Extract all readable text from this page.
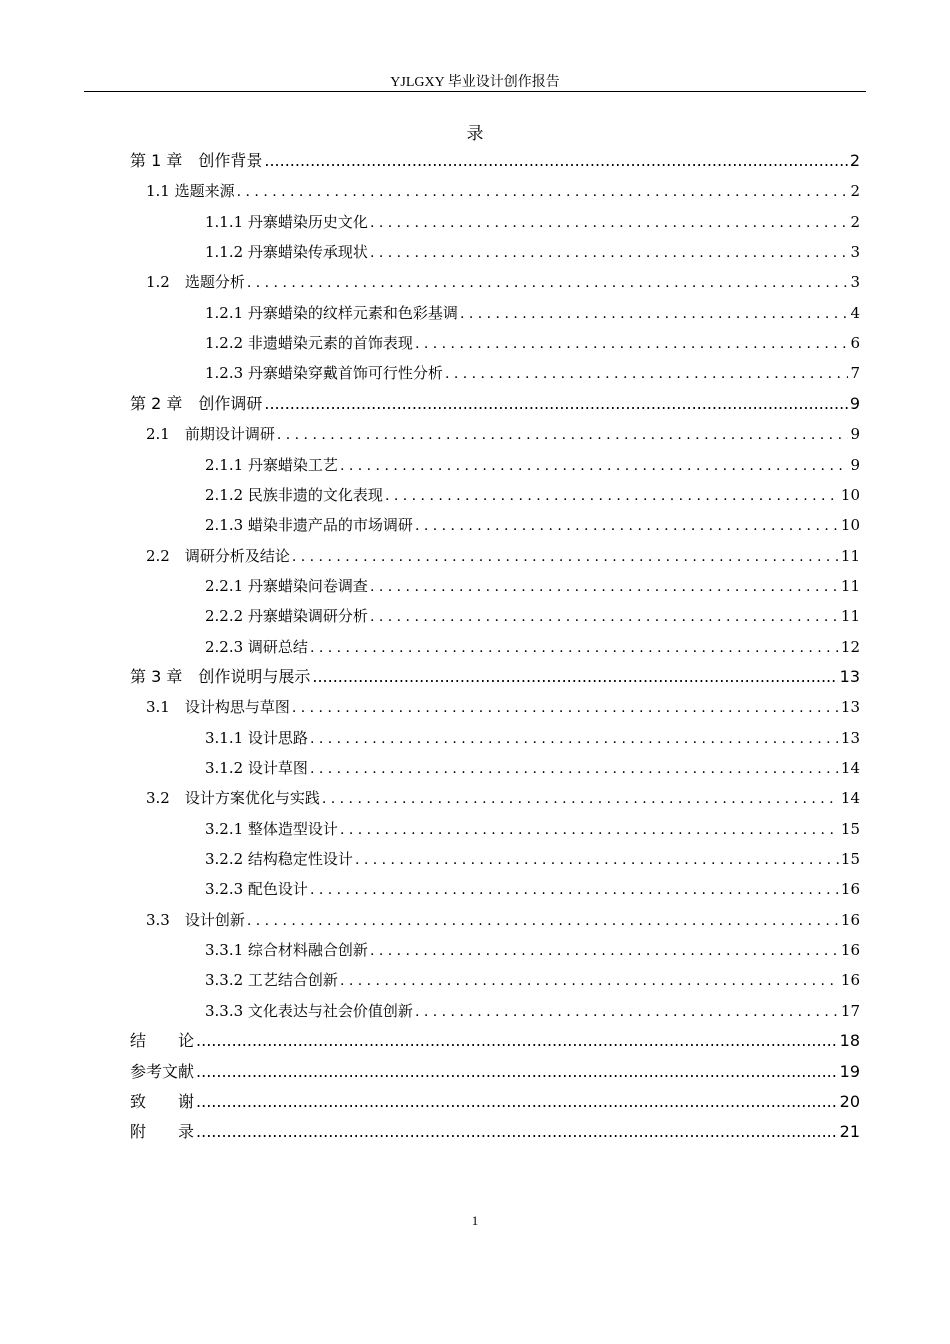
YJLGXY 毕业设计创作报告
录
第 1 章　创作背景 .....	2
1.1 选题来源 . . .	2
1.1.1 丹寨蜡染历史文化 . . .	2
1.1.2 丹寨蜡染传承现状 . . .	3
1.2　选题分析 . . .	3
1.2.1 丹寨蜡染的纹样元素和色彩基调 . . .	4
1.2.2 非遗蜡染元素的首饰表现 . . .	6
1.2.3 丹寨蜡染穿戴首饰可行性分析 . . .	7
第 2 章　创作调研 .....	9
2.1　前期设计调研 . . .	9
2.1.1 丹寨蜡染工艺 . . .	9
2.1.2 民族非遗的文化表现 . . .	10
2.1.3 蜡染非遗产品的市场调研 . . .	10
2.2　调研分析及结论 . . .	11
2.2.1 丹寨蜡染问卷调查 . . .	11
2.2.2 丹寨蜡染调研分析 . . .	11
2.2.3 调研总结 . . .	12
第 3 章　创作说明与展示 .....	13
3.1　设计构思与草图 . . .	13
3.1.1 设计思路 . . .	13
3.1.2 设计草图 . . .	14
3.2　设计方案优化与实践 . . .	14
3.2.1 整体造型设计 . . .	15
3.2.2 结构稳定性设计 . . .	15
3.2.3 配色设计 . . .	16
3.3　设计创新 . . .	16
3.3.1 综合材料融合创新 . . .	16
3.3.2 工艺结合创新 . . .	16
3.3.3 文化表达与社会价值创新 . . .	17
结　　论 .....	18
参考文献 .....	19
致　　谢 .....	20
附　　录 .....	21
1
